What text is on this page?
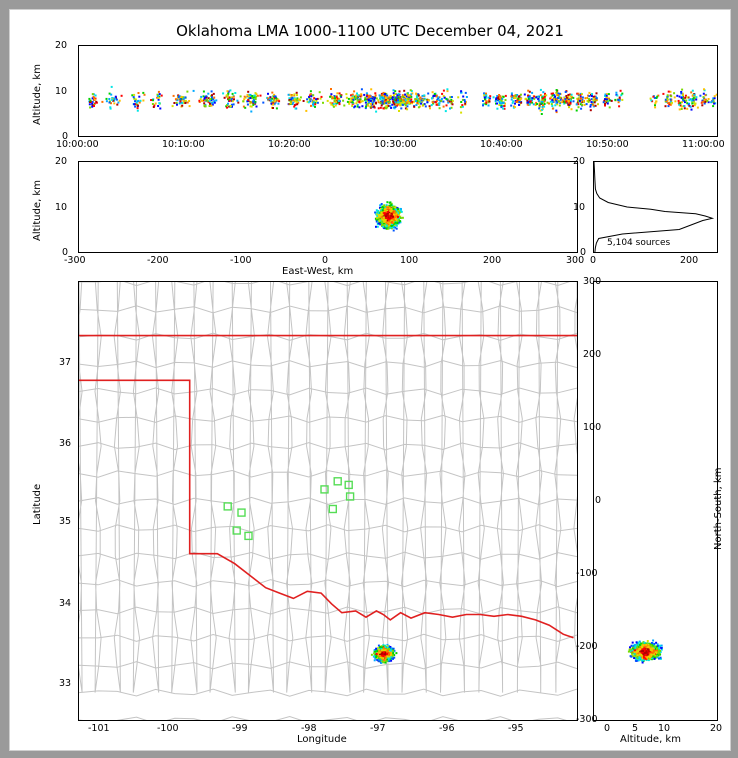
Oklahoma LMA 1000-1100 UTC December 04, 2021
Altitude, km
20
10
0
10:00:00	10:10:00	10:20:00	10:30:00	10:40:00	10:50:00	11:00:00
Altitude, km
20
10
0
-300	-200	-100	0	100	200	300
East-West, km
20
10
0
0	200
5,104 sources
Latitude
Longitude
37
36
35
34
33
-101	-100	-99	-98	-97	-96	-95
North-South, km
Altitude, km
300
200
100
0
-100
-200
-300
0 5 10	20
